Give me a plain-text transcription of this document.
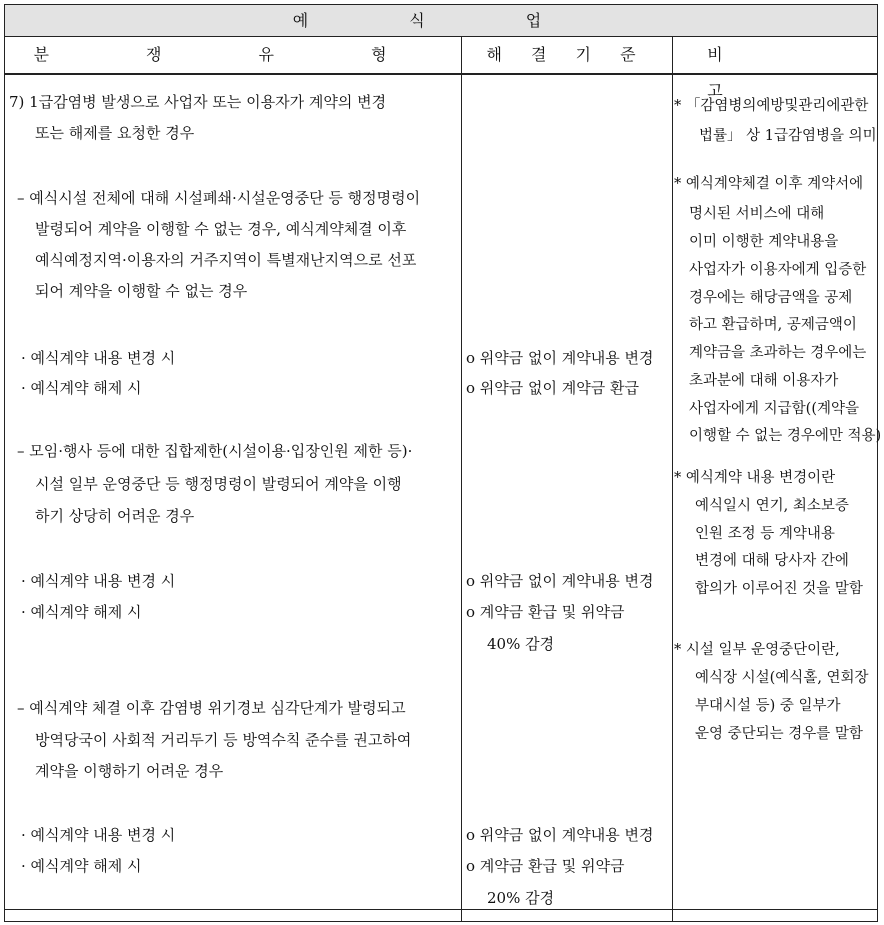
예 식 업
분 쟁 유 형	해 결 기 준	비 고
7) 1급감염병 발생으로 사업자 또는 이용자가 계약의 변경
또는 해제를 요청한 경우
– 예식시설 전체에 대해 시설폐쇄·시설운영중단 등 행정명령이
발령되어 계약을 이행할 수 없는 경우, 예식계약체결 이후
예식예정지역·이용자의 거주지역이 특별재난지역으로 선포
되어 계약을 이행할 수 없는 경우
· 예식계약 내용 변경 시
· 예식계약 해제 시
– 모임·행사 등에 대한 집합제한(시설이용·입장인원 제한 등)·
시설 일부 운영중단 등 행정명령이 발령되어 계약을 이행
하기 상당히 어려운 경우
· 예식계약 내용 변경 시
· 예식계약 해제 시
– 예식계약 체결 이후 감염병 위기경보 심각단계가 발령되고
방역당국이 사회적 거리두기 등 방역수칙 준수를 권고하여
계약을 이행하기 어려운 경우
· 예식계약 내용 변경 시
· 예식계약 해제 시
ο 위약금 없이 계약내용 변경
ο 위약금 없이 계약금 환급
ο 위약금 없이 계약내용 변경
ο 계약금 환급 및 위약금
40% 감경
ο 위약금 없이 계약내용 변경
ο 계약금 환급 및 위약금
20% 감경
* 「감염병의예방및관리에관한
법률」 상 1급감염병을 의미
* 예식계약체결 이후 계약서에
명시된 서비스에 대해
이미 이행한 계약내용을
사업자가 이용자에게 입증한
경우에는 해당금액을 공제
하고 환급하며, 공제금액이
계약금을 초과하는 경우에는
초과분에 대해 이용자가
사업자에게 지급함((계약을
이행할 수 없는 경우에만 적용)
* 예식계약 내용 변경이란
예식일시 연기, 최소보증
인원 조정 등 계약내용
변경에 대해 당사자 간에
합의가 이루어진 것을 말함
* 시설 일부 운영중단이란,
예식장 시설(예식홀, 연회장
부대시설 등) 중 일부가
운영 중단되는 경우를 말함
